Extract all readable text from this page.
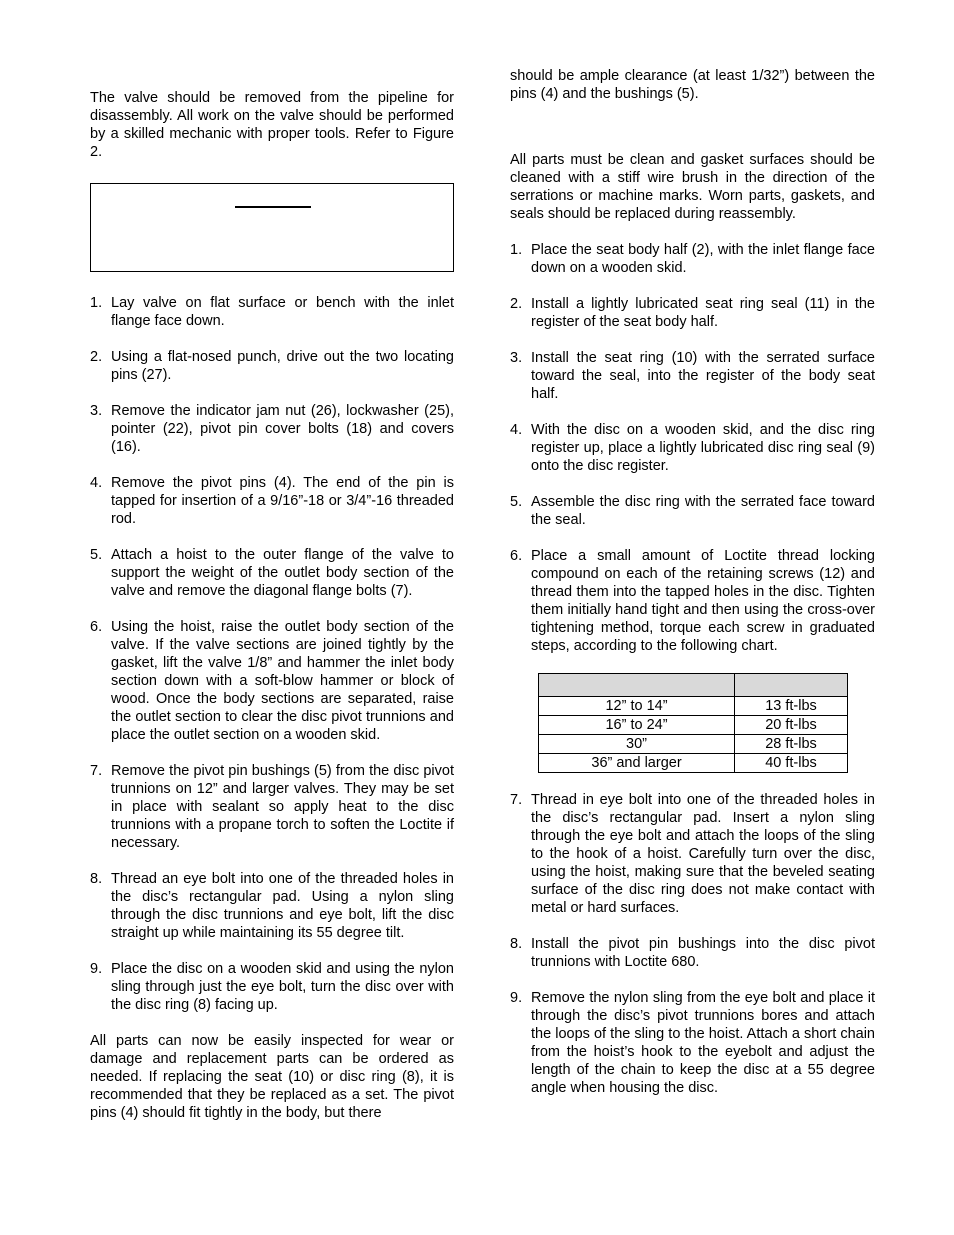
The valve should be removed from the pipeline for disassembly. All work on the valve should be performed by a skilled mechanic with proper tools. Refer to Figure 2.

1. Lay valve on flat surface or bench with the inlet flange face down.
2. Using a flat-nosed punch, drive out the two locating pins (27).
3. Remove the indicator jam nut (26), lockwasher (25), pointer (22), pivot pin cover bolts (18) and covers (16).
4. Remove the pivot pins (4). The end of the pin is tapped for insertion of a 9/16”-18 or 3/4”-16 threaded rod.
5. Attach a hoist to the outer flange of the valve to support the weight of the outlet body section of the valve and remove the diagonal flange bolts (7).
6. Using the hoist, raise the outlet body section of the valve. If the valve sections are joined tightly by the gasket, lift the valve 1/8” and hammer the inlet body section down with a soft-blow hammer or block of wood. Once the body sections are separated, raise the outlet section to clear the disc pivot trunnions and place the outlet section on a wooden skid.
7. Remove the pivot pin bushings (5) from the disc pivot trunnions on 12” and larger valves. They may be set in place with sealant so apply heat to the disc trunnions with a propane torch to soften the Loctite if necessary.
8. Thread an eye bolt into one of the threaded holes in the disc’s rectangular pad. Using a nylon sling through the disc trunnions and eye bolt, lift the disc straight up while maintaining its 55 degree tilt.
9. Place the disc on a wooden skid and using the nylon sling through just the eye bolt, turn the disc over with the disc ring (8) facing up.

All parts can now be easily inspected for wear or damage and replacement parts can be ordered as needed. If replacing the seat (10) or disc ring (8), it is recommended that they be replaced as a set. The pivot pins (4) should fit tightly in the body, but there

should be ample clearance (at least 1/32”) between the pins (4) and the bushings (5).

All parts must be clean and gasket surfaces should be cleaned with a stiff wire brush in the direction of the serrations or machine marks. Worn parts, gaskets, and seals should be replaced during reassembly.

1. Place the seat body half (2), with the inlet flange face down on a wooden skid.
2. Install a lightly lubricated seat ring seal (11) in the register of the seat body half.
3. Install the seat ring (10) with the serrated surface toward the seal, into the register of the body seat half.
4. With the disc on a wooden skid, and the disc ring register up, place a lightly lubricated disc ring seal (9) onto the disc register.
5. Assemble the disc ring with the serrated face toward the seal.
6. Place a small amount of Loctite thread locking compound on each of the retaining screws (12) and thread them into the tapped holes in the disc. Tighten them initially hand tight and then using the cross-over tightening method, torque each screw in graduated steps, according to the following chart.

12” to 14”	13 ft-lbs
16” to 24”	20 ft-lbs
30”	28 ft-lbs
36” and larger	40 ft-lbs
7. Thread in eye bolt into one of the threaded holes in the disc’s rectangular pad. Insert a nylon sling through the eye bolt and attach the loops of the sling to the hook of a hoist. Carefully turn over the disc, using the hoist, making sure that the beveled seating surface of the disc ring does not make contact with metal or hard surfaces.
8. Install the pivot pin bushings into the disc pivot trunnions with Loctite 680.
9. Remove the nylon sling from the eye bolt and place it through the disc’s pivot trunnions bores and attach the loops of the sling to the hoist. Attach a short chain from the hoist’s hook to the eyebolt and adjust the length of the chain to keep the disc at a 55 degree angle when housing the disc.
